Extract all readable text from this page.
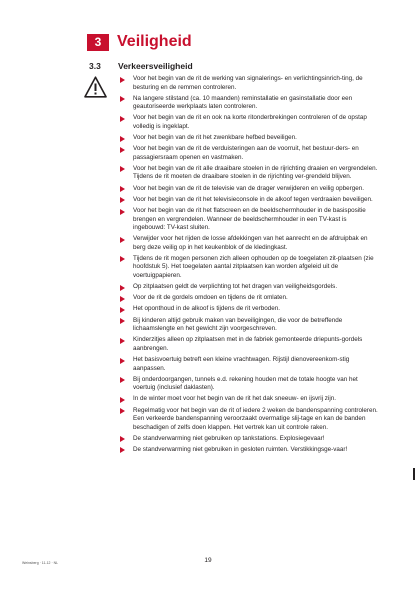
3 Veiligheid
3.3 Verkeersveiligheid
Voor het begin van de rit de werking van signalerings- en verlichtingsinrich-ting, de besturing en de remmen controleren.
Na langere stilstand (ca. 10 maanden) reminstallatie en gasinstallatie door een geautoriseerde werkplaats laten controleren.
Voor het begin van de rit en ook na korte ritonderbrekingen controleren of de opstap volledig is ingeklapt.
Voor het begin van de rit het zwenkbare hefbed beveiligen.
Voor het begin van de rit de verduisteringen aan de voorruit, het bestuur-ders- en passagiersraam openen en vastmaken.
Voor het begin van de rit alle draaibare stoelen in de rijrichting draaien en vergrendelen. Tijdens de rit moeten de draaibare stoelen in de rijrichting ver-grendeld blijven.
Voor het begin van de rit de televisie van de drager verwijderen en veilig opbergen.
Voor het begin van de rit het televisieconsole in de alkoof tegen verdraaien beveiligen.
Voor het begin van de rit het flatscreen en de beeldschermhouder in de basispositie brengen en vergrendelen. Wanneer de beeldschermhouder in een TV-kast is ingebouwd: TV-kast sluiten.
Verwijder voor het rijden de losse afdekkingen van het aanrecht en de afdruipbak en berg deze veilig op in het keukenblok of de kledingkast.
Tijdens de rit mogen personen zich alleen ophouden op de toegelaten zit-plaatsen (zie hoofdstuk 5). Het toegelaten aantal zitplaatsen kan worden afgeleid uit de voertuigpapieren.
Op zitplaatsen geldt de verplichting tot het dragen van veiligheidsgordels.
Voor de rit de gordels omdoen en tijdens de rit omlaten.
Het oponthoud in de alkoof is tijdens de rit verboden.
Bij kinderen altijd gebruik maken van beveiligingen, die voor de betreffende lichaamslengte en het gewicht zijn voorgeschreven.
Kinderzitjes alleen op zitplaatsen met in de fabriek gemonteerde driepunts-gordels aanbrengen.
Het basisvoertuig betreft een kleine vrachtwagen. Rijstijl dienovereenkom-stig aanpassen.
Bij onderdoorgangen, tunnels e.d. rekening houden met de totale hoogte van het voertuig (inclusief daklasten).
In de winter moet voor het begin van de rit het dak sneeuw- en ijsvrij zijn.
Regelmatig voor het begin van de rit of iedere 2 weken de bandenspanning controleren. Een verkeerde bandenspanning veroorzaakt overmatige slij-tage en kan de banden beschadigen of zelfs doen klappen. Het vertrek kan uit controle raken.
De standverwarming niet gebruiken op tankstations. Explosiegevaar!
De standverwarming niet gebruiken in gesloten ruimten. Verstikkingsge-vaar!
19
Weinsberg · 11-12 · NL
